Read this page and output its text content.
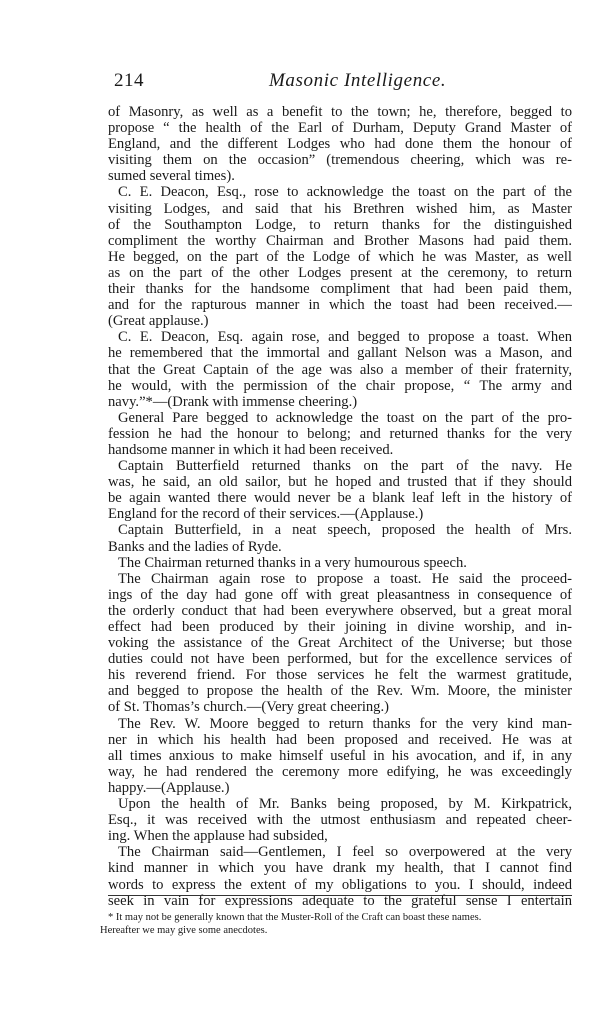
214	Masonic Intelligence.
of Masonry, as well as a benefit to the town; he, therefore, begged to
propose “ the health of the Earl of Durham, Deputy Grand Master of
England, and the different Lodges who had done them the honour of
visiting them on the occasion” (tremendous cheering, which was re-
sumed several times).
C. E. Deacon, Esq., rose to acknowledge the toast on the part of the
visiting Lodges, and said that his Brethren wished him, as Master
of the Southampton Lodge, to return thanks for the distinguished
compliment the worthy Chairman and Brother Masons had paid them.
He begged, on the part of the Lodge of which he was Master, as well
as on the part of the other Lodges present at the ceremony, to return
their thanks for the handsome compliment that had been paid them,
and for the rapturous manner in which the toast had been received.—
(Great applause.)
C. E. Deacon, Esq. again rose, and begged to propose a toast. When
he remembered that the immortal and gallant Nelson was a Mason, and
that the Great Captain of the age was also a member of their fraternity,
he would, with the permission of the chair propose, “ The army and
navy.”*—(Drank with immense cheering.)
General Pare begged to acknowledge the toast on the part of the pro-
fession he had the honour to belong; and returned thanks for the very
handsome manner in which it had been received.
Captain Butterfield returned thanks on the part of the navy. He
was, he said, an old sailor, but he hoped and trusted that if they should
be again wanted there would never be a blank leaf left in the history of
England for the record of their services.—(Applause.)
Captain Butterfield, in a neat speech, proposed the health of Mrs.
Banks and the ladies of Ryde.
The Chairman returned thanks in a very humourous speech.
The Chairman again rose to propose a toast. He said the proceed-
ings of the day had gone off with great pleasantness in consequence of
the orderly conduct that had been everywhere observed, but a great moral
effect had been produced by their joining in divine worship, and in-
voking the assistance of the Great Architect of the Universe; but those
duties could not have been performed, but for the excellence services of
his reverend friend. For those services he felt the warmest gratitude,
and begged to propose the health of the Rev. Wm. Moore, the minister
of St. Thomas’s church.—(Very great cheering.)
The Rev. W. Moore begged to return thanks for the very kind man-
ner in which his health had been proposed and received. He was at
all times anxious to make himself useful in his avocation, and if, in any
way, he had rendered the ceremony more edifying, he was exceedingly
happy.—(Applause.)
Upon the health of Mr. Banks being proposed, by M. Kirkpatrick,
Esq., it was received with the utmost enthusiasm and repeated cheer-
ing. When the applause had subsided,
The Chairman said—Gentlemen, I feel so overpowered at the very
kind manner in which you have drank my health, that I cannot find
words to express the extent of my obligations to you. I should, indeed
seek in vain for expressions adequate to the grateful sense I entertain
* It may not be generally known that the Muster-Roll of the Craft can boast these names.
Hereafter we may give some anecdotes.
